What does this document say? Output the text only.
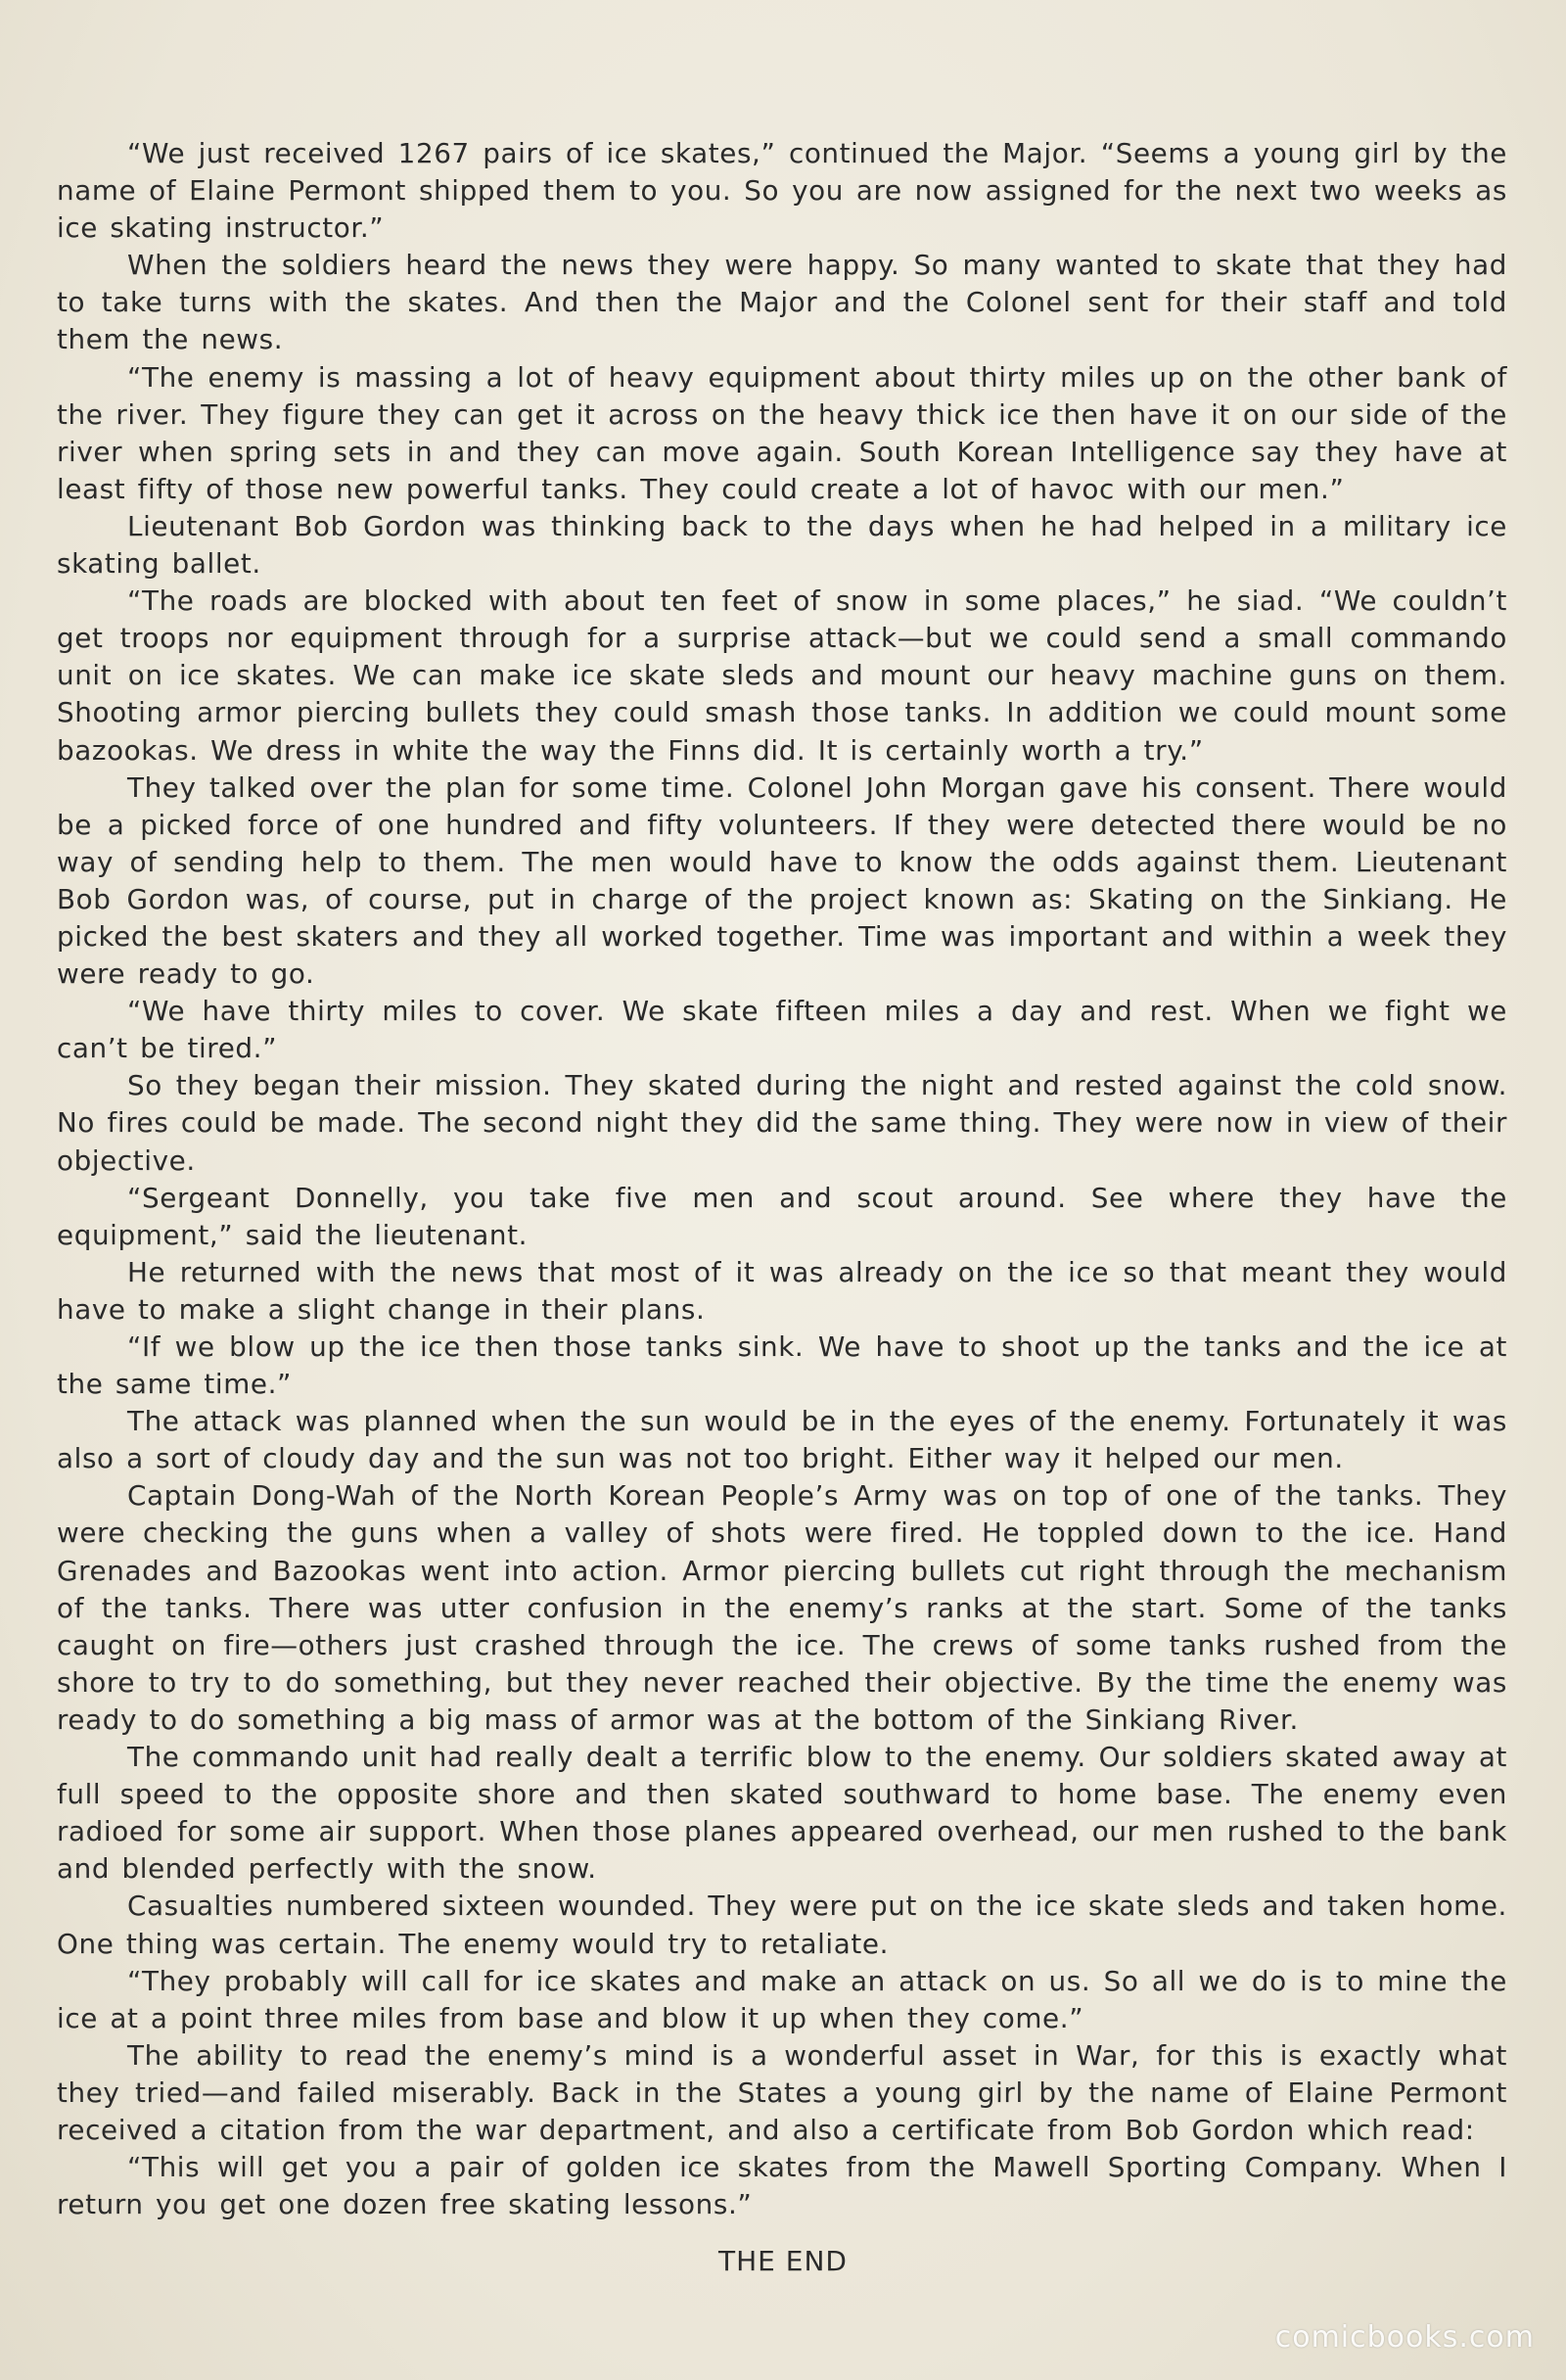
“We just received 1267 pairs of ice skates,” continued the Major. “Seems a young girl by the name of Elaine Permont shipped them to you. So you are now assigned for the next two weeks as ice skating instructor.”

When the soldiers heard the news they were happy. So many wanted to skate that they had to take turns with the skates. And then the Major and the Colonel sent for their staff and told them the news.

“The enemy is massing a lot of heavy equipment about thirty miles up on the other bank of the river. They figure they can get it across on the heavy thick ice then have it on our side of the river when spring sets in and they can move again. South Korean Intelligence say they have at least fifty of those new powerful tanks. They could create a lot of havoc with our men.”

Lieutenant Bob Gordon was thinking back to the days when he had helped in a military ice skating ballet.

“The roads are blocked with about ten feet of snow in some places,” he siad. “We couldn’t get troops nor equipment through for a surprise attack—but we could send a small commando unit on ice skates. We can make ice skate sleds and mount our heavy machine guns on them. Shooting armor piercing bullets they could smash those tanks. In addition we could mount some bazookas. We dress in white the way the Finns did. It is certainly worth a try.”

They talked over the plan for some time. Colonel John Morgan gave his consent. There would be a picked force of one hundred and fifty volunteers. If they were detected there would be no way of sending help to them. The men would have to know the odds against them. Lieutenant Bob Gordon was, of course, put in charge of the project known as: Skating on the Sinkiang. He picked the best skaters and they all worked together. Time was important and within a week they were ready to go.

“We have thirty miles to cover. We skate fifteen miles a day and rest. When we fight we can’t be tired.”

So they began their mission. They skated during the night and rested against the cold snow. No fires could be made. The second night they did the same thing. They were now in view of their objective.

“Sergeant Donnelly, you take five men and scout around. See where they have the equipment,” said the lieutenant.

He returned with the news that most of it was already on the ice so that meant they would have to make a slight change in their plans.

“If we blow up the ice then those tanks sink. We have to shoot up the tanks and the ice at the same time.”

The attack was planned when the sun would be in the eyes of the enemy. Fortunately it was also a sort of cloudy day and the sun was not too bright. Either way it helped our men.

Captain Dong-Wah of the North Korean People’s Army was on top of one of the tanks. They were checking the guns when a valley of shots were fired. He toppled down to the ice. Hand Grenades and Bazookas went into action. Armor piercing bullets cut right through the mechanism of the tanks. There was utter confusion in the enemy’s ranks at the start. Some of the tanks caught on fire—others just crashed through the ice. The crews of some tanks rushed from the shore to try to do something, but they never reached their objective. By the time the enemy was ready to do something a big mass of armor was at the bottom of the Sinkiang River.

The commando unit had really dealt a terrific blow to the enemy. Our soldiers skated away at full speed to the opposite shore and then skated southward to home base. The enemy even radioed for some air support. When those planes appeared overhead, our men rushed to the bank and blended perfectly with the snow.

Casualties numbered sixteen wounded. They were put on the ice skate sleds and taken home. One thing was certain. The enemy would try to retaliate.

“They probably will call for ice skates and make an attack on us. So all we do is to mine the ice at a point three miles from base and blow it up when they come.”

The ability to read the enemy’s mind is a wonderful asset in War, for this is exactly what they tried—and failed miserably. Back in the States a young girl by the name of Elaine Permont received a citation from the war department, and also a certificate from Bob Gordon which read:

“This will get you a pair of golden ice skates from the Mawell Sporting Company. When I return you get one dozen free skating lessons.”

THE END
comicbooks.com
